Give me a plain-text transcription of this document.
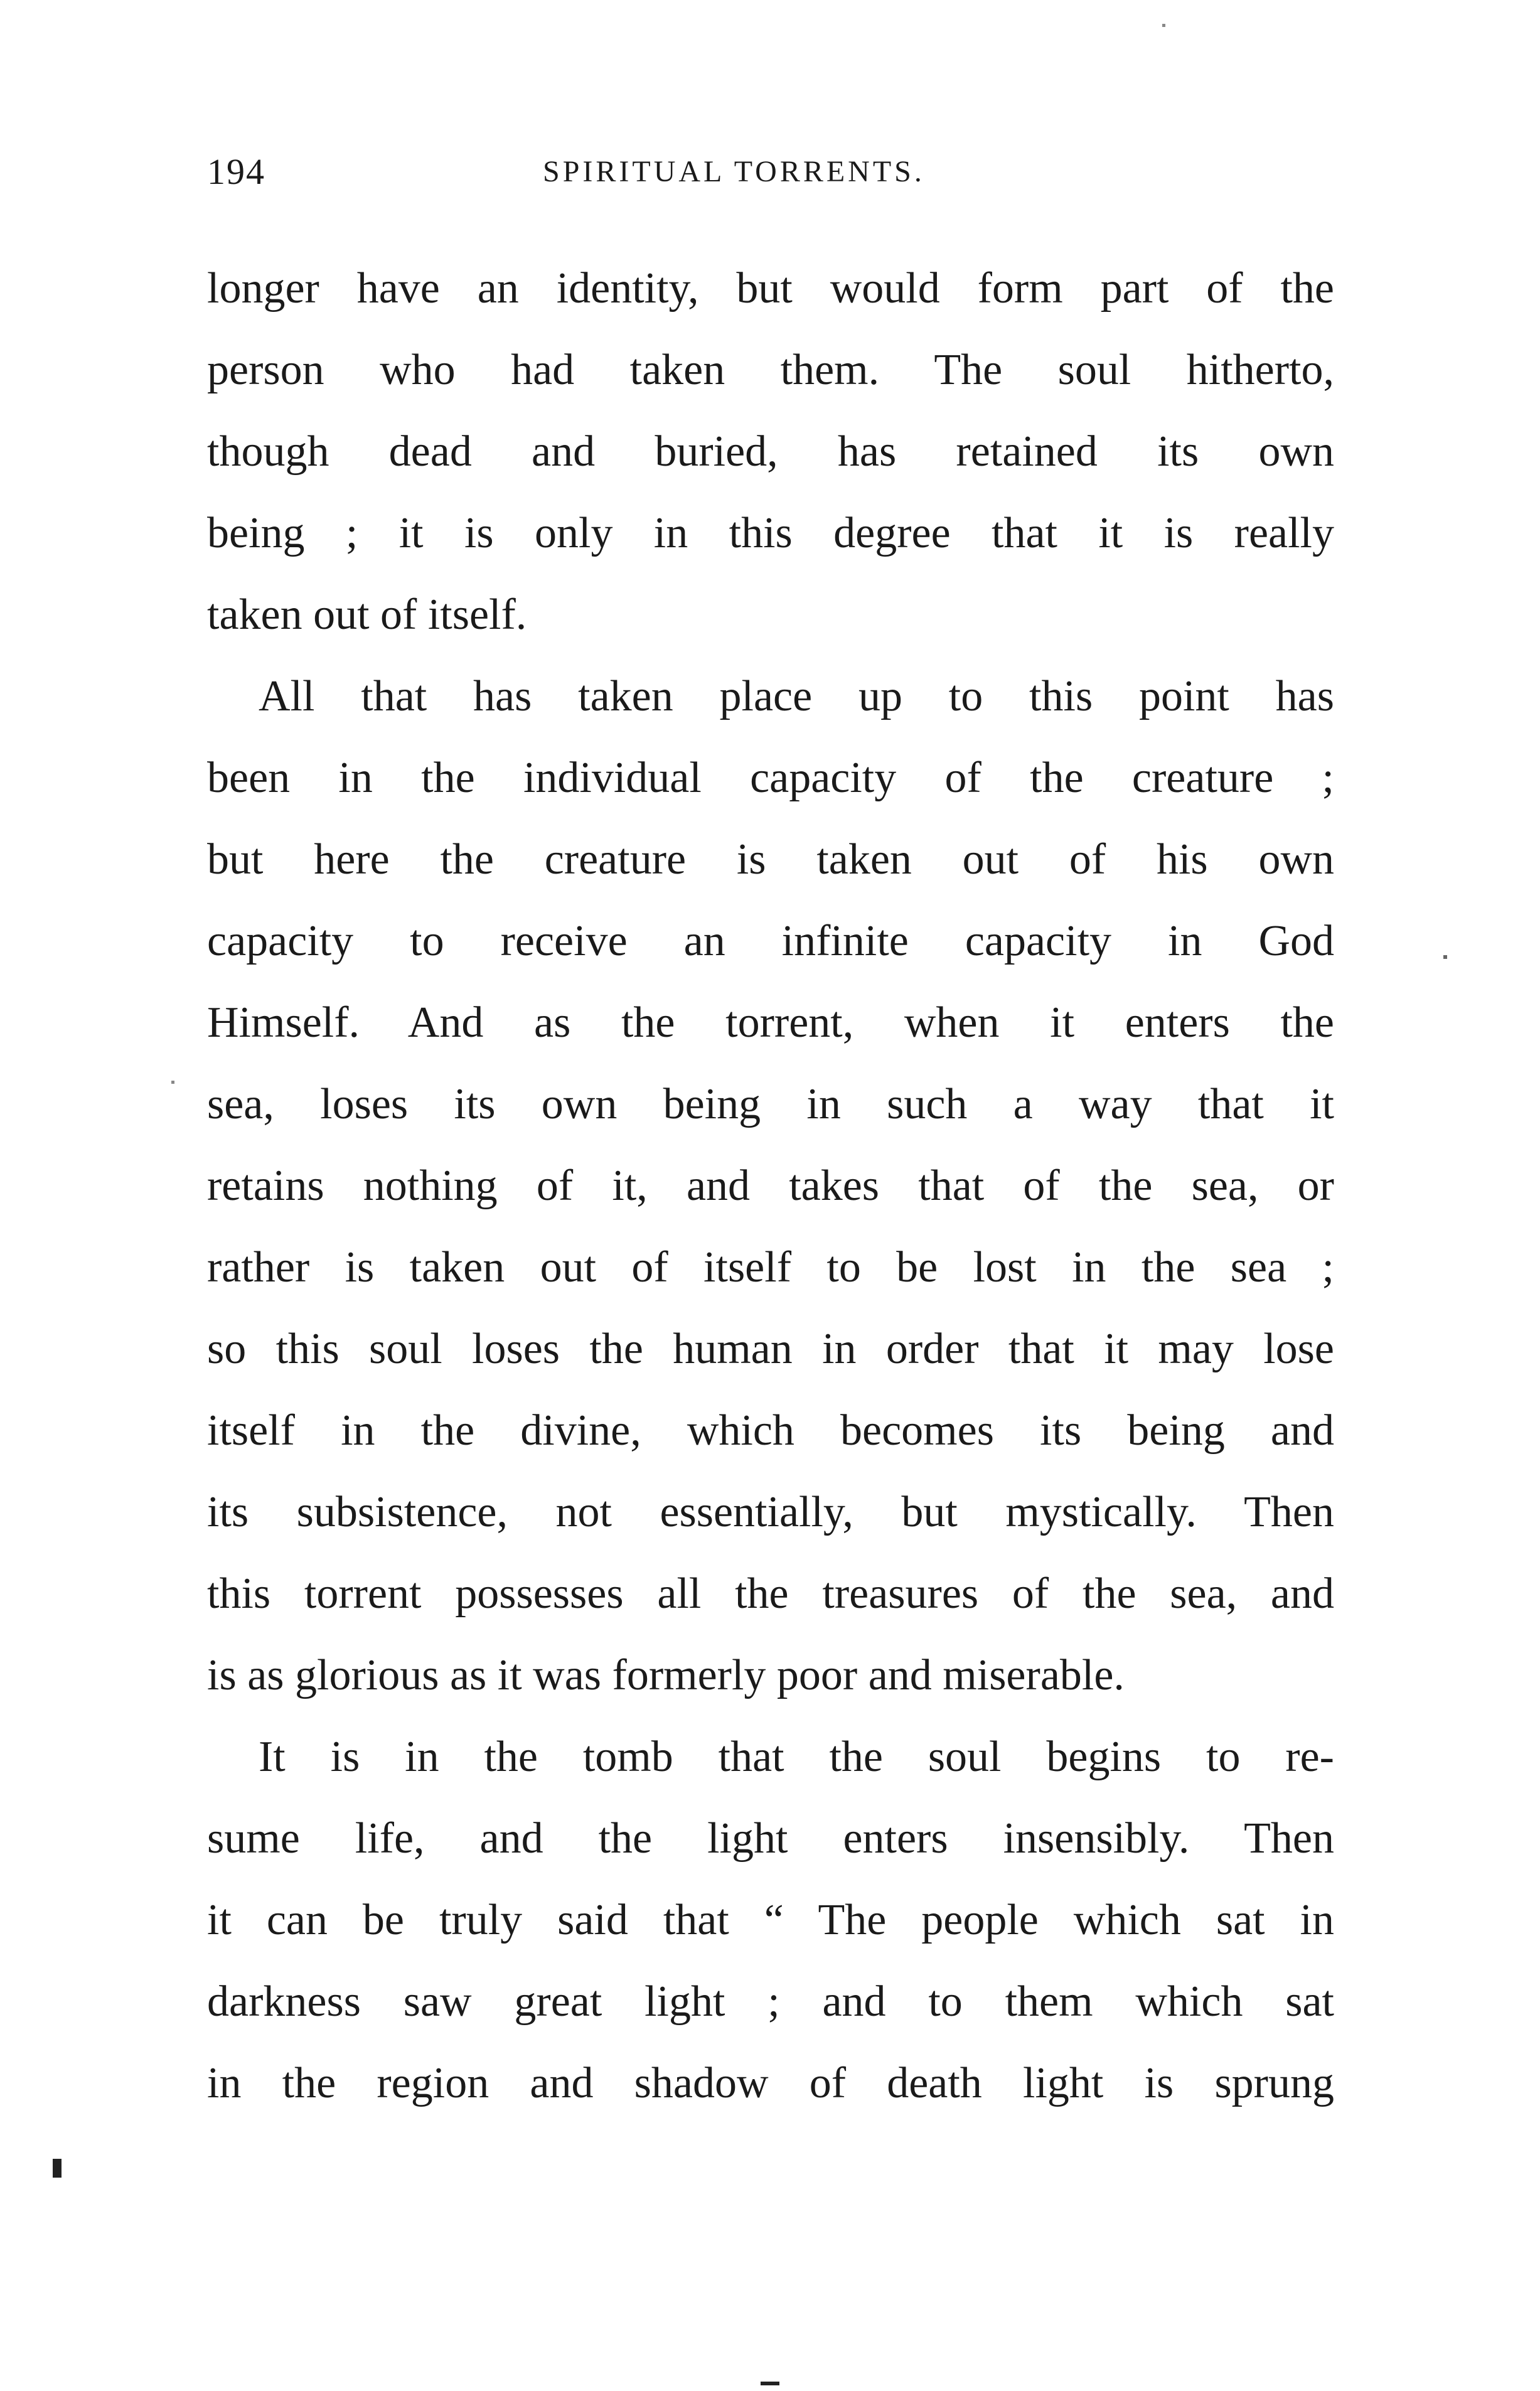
194	SPIRITUAL TORRENTS.
longer have an identity, but would form part of the
person who had taken them. The soul hitherto,
though dead and buried, has retained its own
being ; it is only in this degree that it is really
taken out of itself.
All that has taken place up to this point has
been in the individual capacity of the creature ;
but here the creature is taken out of his own
capacity to receive an infinite capacity in God
Himself. And as the torrent, when it enters the
sea, loses its own being in such a way that it
retains nothing of it, and takes that of the sea, or
rather is taken out of itself to be lost in the sea ;
so this soul loses the human in order that it may lose
itself in the divine, which becomes its being and
its subsistence, not essentially, but mystically. Then
this torrent possesses all the treasures of the sea, and
is as glorious as it was formerly poor and miserable.
It is in the tomb that the soul begins to re-
sume life, and the light enters insensibly. Then
it can be truly said that “ The people which sat in
darkness saw great light ; and to them which sat
in the region and shadow of death light is sprung
